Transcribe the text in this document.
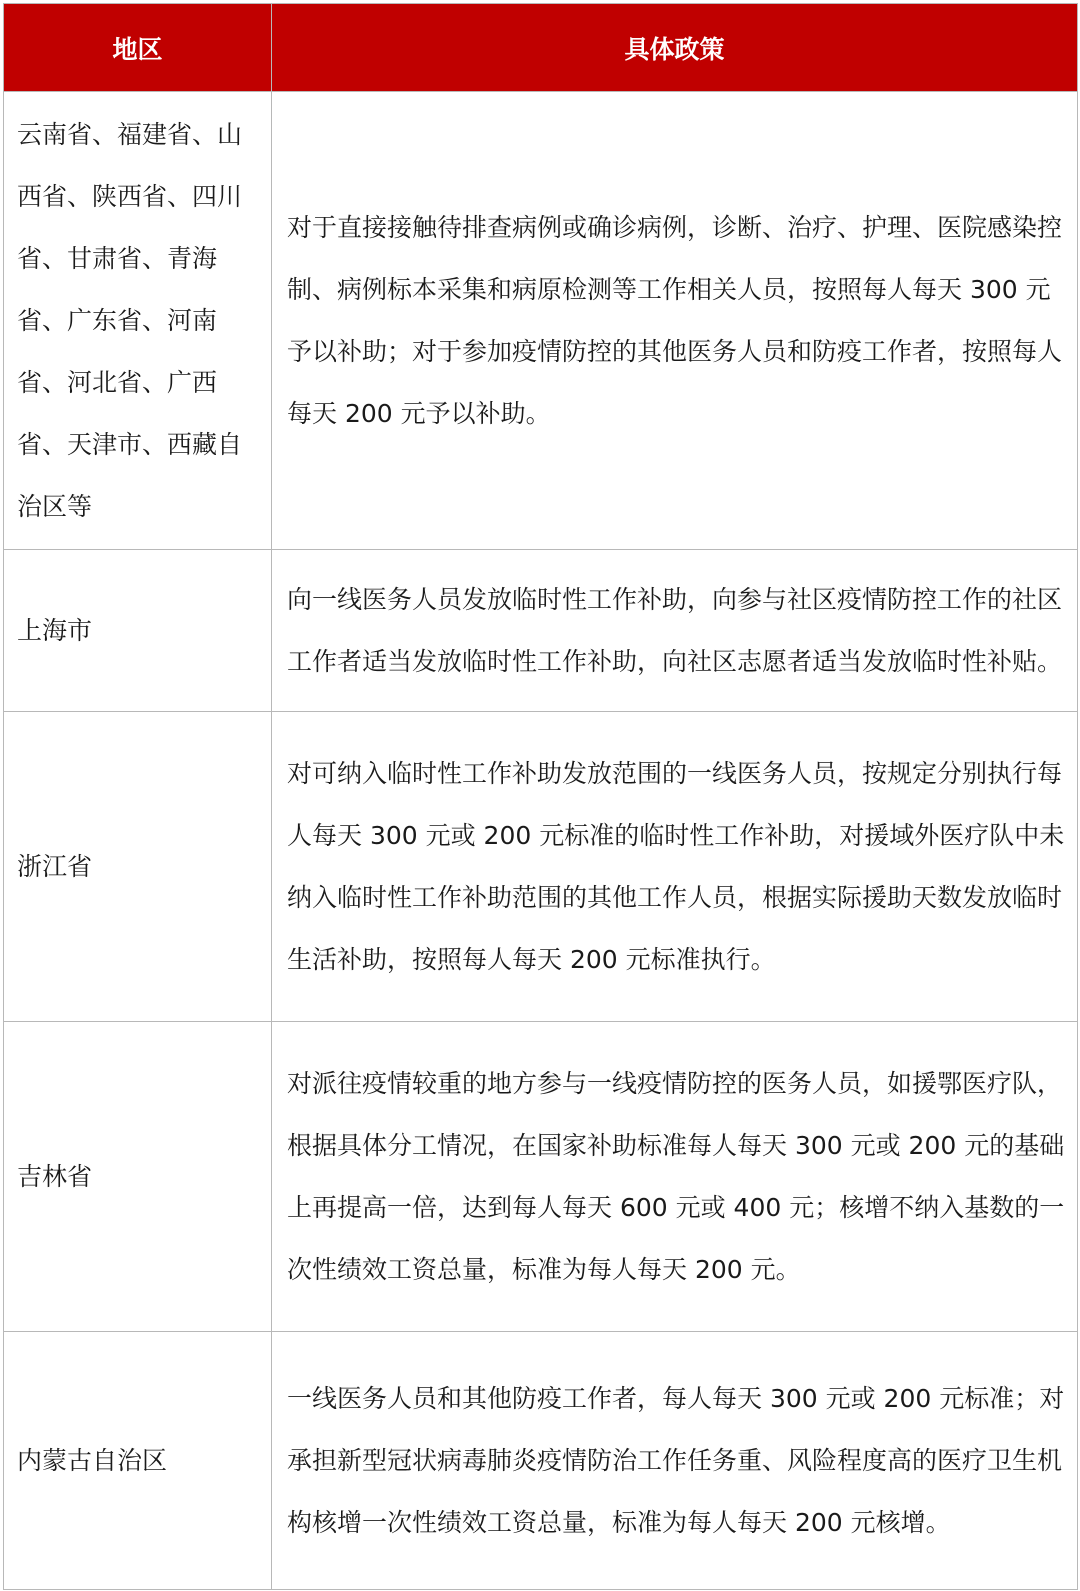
地区	具体政策

云南省、福建省、山西省、陕西省、四川省、甘肃省、青海省、广东省、河南省、河北省、广西省、天津市、西藏自治区等	对于直接接触待排查病例或确诊病例，诊断、治疗、护理、医院感染控制、病例标本采集和病原检测等工作相关人员，按照每人每天 300 元予以补助；对于参加疫情防控的其他医务人员和防疫工作者，按照每人每天 200 元予以补助。

上海市	向一线医务人员发放临时性工作补助，向参与社区疫情防控工作的社区工作者适当发放临时性工作补助，向社区志愿者适当发放临时性补贴。

浙江省	对可纳入临时性工作补助发放范围的一线医务人员，按规定分别执行每人每天 300 元或 200 元标准的临时性工作补助，对援域外医疗队中未纳入临时性工作补助范围的其他工作人员，根据实际援助天数发放临时生活补助，按照每人每天 200 元标准执行。

吉林省	对派往疫情较重的地方参与一线疫情防控的医务人员，如援鄂医疗队，根据具体分工情况，在国家补助标准每人每天 300 元或 200 元的基础上再提高一倍，达到每人每天 600 元或 400 元；核增不纳入基数的一次性绩效工资总量，标准为每人每天 200 元。

内蒙古自治区	一线医务人员和其他防疫工作者，每人每天 300 元或 200 元标准；对承担新型冠状病毒肺炎疫情防治工作任务重、风险程度高的医疗卫生机构核增一次性绩效工资总量，标准为每人每天 200 元核增。
